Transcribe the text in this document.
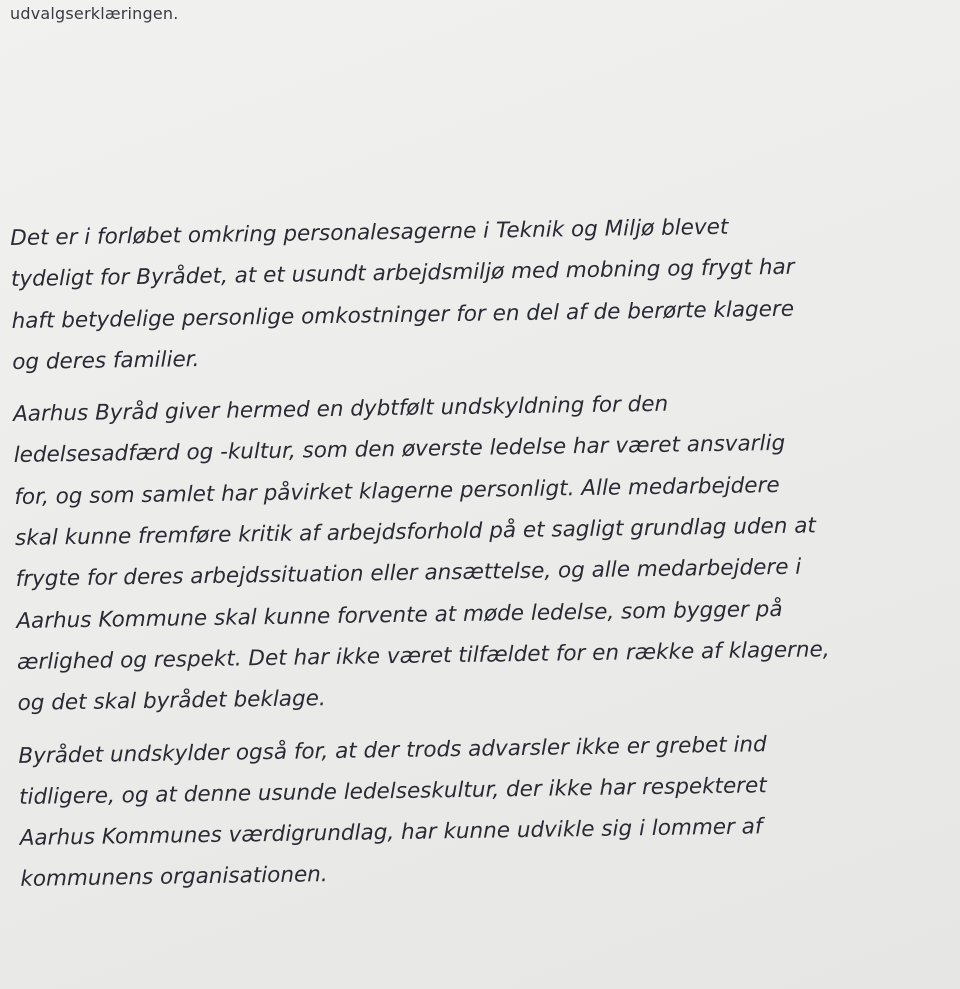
udvalgserklæringen.

Det er i forløbet omkring personalesagerne i Teknik og Miljø blevet
tydeligt for Byrådet, at et usundt arbejdsmiljø med mobning og frygt har
haft betydelige personlige omkostninger for en del af de berørte klagere
og deres familier.

Aarhus Byråd giver hermed en dybtfølt undskyldning for den
ledelsesadfærd og -kultur, som den øverste ledelse har været ansvarlig
for, og som samlet har påvirket klagerne personligt. Alle medarbejdere
skal kunne fremføre kritik af arbejdsforhold på et sagligt grundlag uden at
frygte for deres arbejdssituation eller ansættelse, og alle medarbejdere i
Aarhus Kommune skal kunne forvente at møde ledelse, som bygger på
ærlighed og respekt. Det har ikke været tilfældet for en række af klagerne,
og det skal byrådet beklage.

Byrådet undskylder også for, at der trods advarsler ikke er grebet ind
tidligere, og at denne usunde ledelseskultur, der ikke har respekteret
Aarhus Kommunes værdigrundlag, har kunne udvikle sig i lommer af
kommunens organisationen.
